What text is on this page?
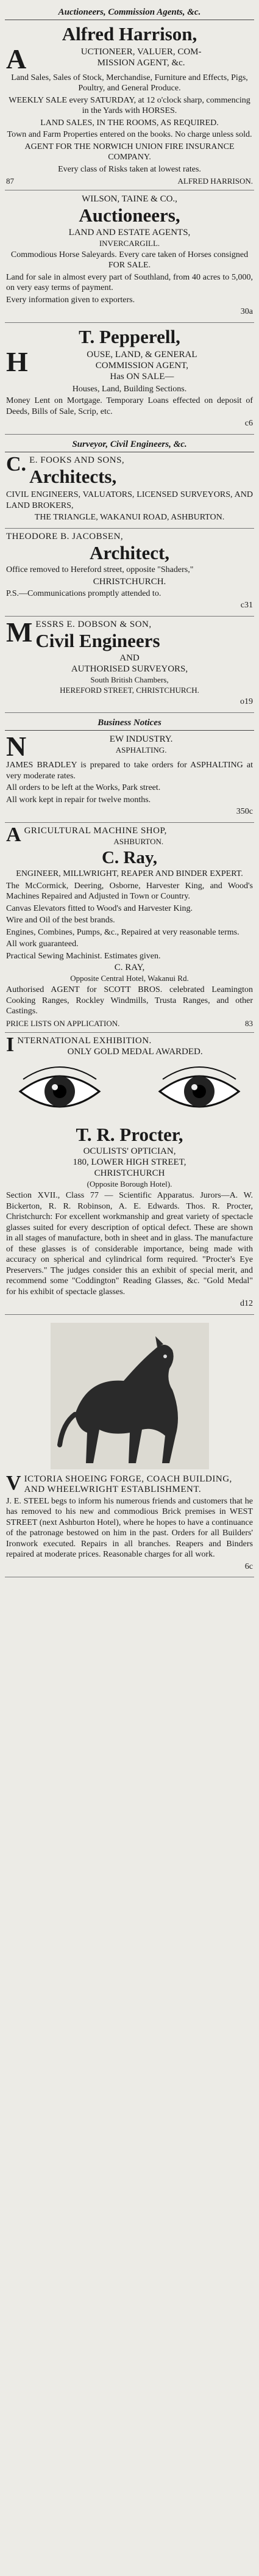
Auctioneers, Commission Agents, &c.
Alfred Harrison,
A	UCTIONEER, VALUER, COM-
MISSION AGENT, &c.
Land Sales, Sales of Stock, Merchandise, Furniture and Effects, Pigs, Poultry, and General Produce.
WEEKLY SALE every SATURDAY, at 12 o'clock sharp, commencing in the Yards with HORSES.
LAND SALES, IN THE ROOMS, AS REQUIRED.
Town and Farm Properties entered on the books. No charge unless sold.
AGENT FOR THE NORWICH UNION FIRE INSURANCE COMPANY.
Every class of Risks taken at lowest rates.
87	ALFRED HARRISON.
WILSON, TAINE & CO.,
Auctioneers,
LAND AND ESTATE AGENTS,
INVERCARGILL.
Commodious Horse Saleyards. Every care taken of Horses consigned FOR SALE.
Land for sale in almost every part of Southland, from 40 acres to 5,000, on very easy terms of payment.
Every information given to exporters.
30a
T. Pepperell,
H	OUSE, LAND, & GENERAL
COMMISSION AGENT,
Has ON SALE—
Houses, Land, Building Sections.
Money Lent on Mortgage. Temporary Loans effected on deposit of Deeds, Bills of Sale, Scrip, etc.
c6
Surveyor, Civil Engineers, &c.
C. E. FOOKS AND SONS,
Architects,
CIVIL ENGINEERS, VALUATORS, LICENSED SURVEYORS, AND LAND BROKERS,
THE TRIANGLE, WAKANUI ROAD, ASHBURTON.
THEODORE B. JACOBSEN,
Architect,
Office removed to Hereford street, opposite "Shaders,"
CHRISTCHURCH.
P.S.—Communications promptly attended to.
c31
M ESSRS E. DOBSON & SON,
Civil Engineers
AND
AUTHORISED SURVEYORS,
South British Chambers,
HEREFORD STREET, CHRISTCHURCH.
o19
Business Notices
N	EW INDUSTRY.
ASPHALTING.
JAMES BRADLEY is prepared to take orders for ASPHALTING at very moderate rates.
All orders to be left at the Works, Park street.
All work kept in repair for twelve months.
350c
A GRICULTURAL MACHINE SHOP,
ASHBURTON.
C. Ray,
ENGINEER, MILLWRIGHT, REAPER AND BINDER EXPERT.
The McCormick, Deering, Osborne, Harvester King, and Wood's Machines Repaired and Adjusted in Town or Country.
Canvas Elevators fitted to Wood's and Harvester King.
Wire and Oil of the best brands.
Engines, Combines, Pumps, &c., Repaired at very reasonable terms.
All work guaranteed.
Practical Sewing Machinist. Estimates given.
C. RAY,
Opposite Central Hotel, Wakanui Rd.
Authorised AGENT for SCOTT BROS. celebrated Leamington Cooking Ranges, Rockley Windmills, Trusta Ranges, and other Castings.
PRICE LISTS ON APPLICATION.	83
I NTERNATIONAL EXHIBITION.
ONLY GOLD MEDAL AWARDED.
T. R. Procter,
OCULISTS' OPTICIAN,
180, LOWER HIGH STREET,
CHRISTCHURCH
(Opposite Borough Hotel).
Section XVII., Class 77 — Scientific Apparatus. Jurors—A. W. Bickerton, R. R. Robinson, A. E. Edwards. Thos. R. Procter, Christchurch: For excellent workmanship and great variety of spectacle glasses suited for every description of optical defect. These are shown in all stages of manufacture, both in sheet and in glass. The manufacture of these glasses is of considerable importance, being made with accuracy on spherical and cylindrical form required. "Procter's Eye Preservers." The judges consider this an exhibit of special merit, and recommend some "Coddington" Reading Glasses, &c. "Gold Medal" for his exhibit of spectacle glasses.
d12
V ICTORIA SHOEING FORGE, COACH BUILDING, AND WHEELWRIGHT ESTABLISHMENT.
J. E. STEEL begs to inform his numerous friends and customers that he has removed to his new and commodious Brick premises in WEST STREET (next Ashburton Hotel), where he hopes to have a continuance of the patronage bestowed on him in the past. Orders for all Builders' Ironwork executed. Repairs in all branches. Reapers and Binders repaired at moderate prices. Reasonable charges for all work.
6c
